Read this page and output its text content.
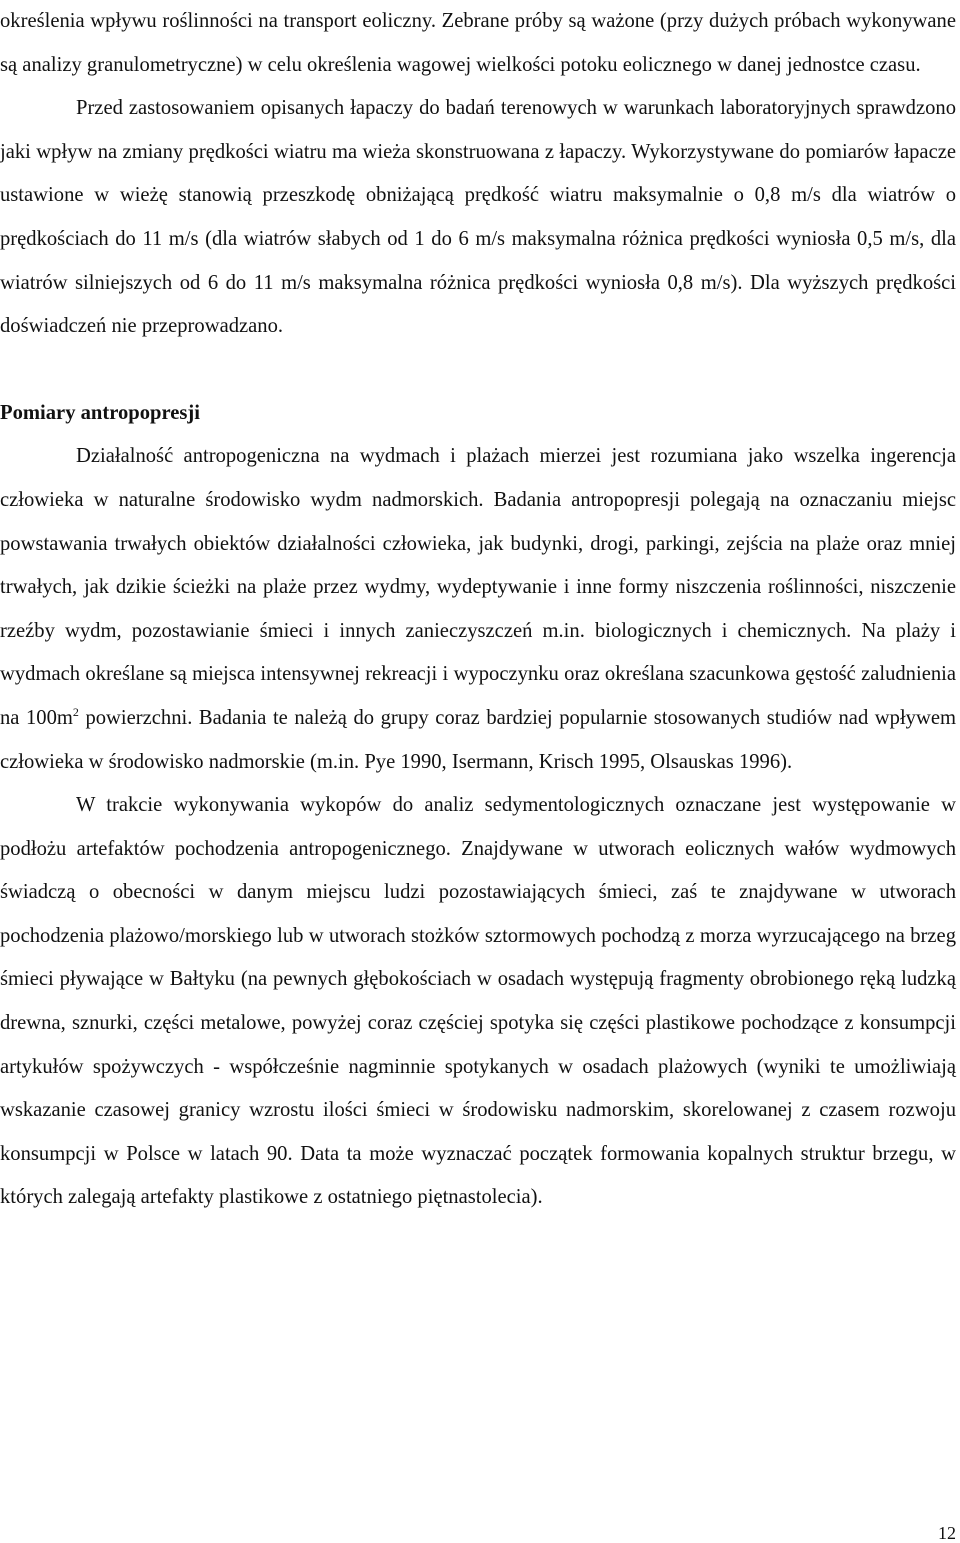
określenia wpływu roślinności na transport eoliczny. Zebrane próby są ważone (przy dużych próbach wykonywane są analizy granulometryczne) w celu określenia wagowej wielkości potoku eolicznego w danej jednostce czasu.

Przed zastosowaniem opisanych łapaczy do badań terenowych w warunkach laboratoryjnych sprawdzono jaki wpływ na zmiany prędkości wiatru ma wieża skonstruowana z łapaczy. Wykorzystywane do pomiarów łapacze ustawione w wieżę stanowią przeszkodę obniżającą prędkość wiatru maksymalnie o 0,8 m/s dla wiatrów o prędkościach do 11 m/s (dla wiatrów słabych od 1 do 6 m/s maksymalna różnica prędkości wyniosła 0,5 m/s, dla wiatrów silniejszych od 6 do 11 m/s maksymalna różnica prędkości wyniosła 0,8 m/s). Dla wyższych prędkości doświadczeń nie przeprowadzano.

Pomiary antropopresji

Działalność antropogeniczna na wydmach i plażach mierzei jest rozumiana jako wszelka ingerencja człowieka w naturalne środowisko wydm nadmorskich. Badania antropopresji polegają na oznaczaniu miejsc powstawania trwałych obiektów działalności człowieka, jak budynki, drogi, parkingi, zejścia na plaże oraz mniej trwałych, jak dzikie ścieżki na plaże przez wydmy, wydeptywanie i inne formy niszczenia roślinności, niszczenie rzeźby wydm, pozostawianie śmieci i innych zanieczyszczeń m.in. biologicznych i chemicznych. Na plaży i wydmach określane są miejsca intensywnej rekreacji i wypoczynku oraz określana szacunkowa gęstość zaludnienia na $100m^2$ powierzchni. Badania te należą do grupy coraz bardziej popularnie stosowanych studiów nad wpływem człowieka w środowisko nadmorskie (m.in. Pye 1990, Isermann, Krisch 1995, Olsauskas 1996).

W trakcie wykonywania wykopów do analiz sedymentologicznych oznaczane jest występowanie w podłożu artefaktów pochodzenia antropogenicznego. Znajdywane w utworach eolicznych wałów wydmowych świadczą o obecności w danym miejscu ludzi pozostawiających śmieci, zaś te znajdywane w utworach pochodzenia plażowo/morskiego lub w utworach stożków sztormowych pochodzą z morza wyrzucającego na brzeg śmieci pływające w Bałtyku (na pewnych głębokościach w osadach występują fragmenty obrobionego ręką ludzką drewna, sznurki, części metalowe, powyżej coraz częściej spotyka się części plastikowe pochodzące z konsumpcji artykułów spożywczych - współcześnie nagminnie spotykanych w osadach plażowych (wyniki te umożliwiają wskazanie czasowej granicy wzrostu ilości śmieci w środowisku nadmorskim, skorelowanej z czasem rozwoju konsumpcji w Polsce w latach 90. Data ta może wyznaczać początek formowania kopalnych struktur brzegu, w których zalegają artefakty plastikowe z ostatniego piętnastolecia).

12
